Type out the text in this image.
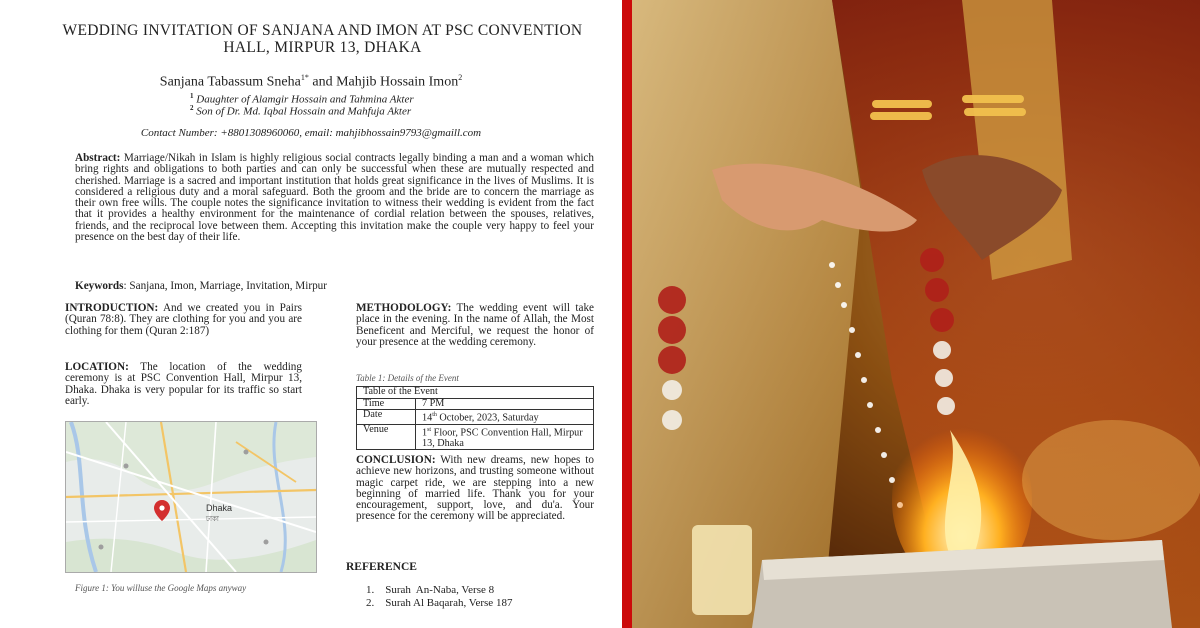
WEDDING INVITATION OF SANJANA AND IMON AT PSC CONVENTION HALL, MIRPUR 13, DHAKA
Sanjana Tabassum Sneha$^{1*}$ and Mahjib Hossain Imon$^2$
$^1$ Daughter of Alamgir Hossain and Tahmina Akter
$^2$ Son of Dr. Md. Iqbal Hossain and Mahfuja Akter
Contact Number: +8801308960060, email: mahjibhossain9793@gmaill.com
Abstract: Marriage/Nikah in Islam is highly religious social contracts legally binding a man and a woman which bring rights and obligations to both parties and can only be successful when these are mutually respected and cherished. Marriage is a sacred and important institution that holds great significance in the lives of Muslims. It is considered a religious duty and a moral safeguard. Both the groom and the bride are to concern the marriage as their own free wills. The couple notes the significance invitation to witness their wedding is evident from the fact that it provides a healthy environment for the maintenance of cordial relation between the spouses, relatives, friends, and the reciprocal love between them. Accepting this invitation make the couple very happy to feel your presence on the best day of their life.
Keywords: Sanjana, Imon, Marriage, Invitation, Mirpur
INTRODUCTION: And we created you in Pairs (Quran 78:8). They are clothing for you and you are clothing for them (Quran 2:187)
LOCATION: The location of the wedding ceremony is at PSC Convention Hall, Mirpur 13, Dhaka. Dhaka is very popular for its traffic so start early.
Dhaka
ঢাকা
Figure 1: You willuse the Google Maps anyway
METHODOLOGY: The wedding event will take place in the evening. In the name of Allah, the Most Beneficent and Merciful, we request the honor of your presence at the wedding ceremony.
Table 1: Details of the Event
Table of the Event	
Time	7 PM
Date	14th October, 2023, Saturday
Venue	1st Floor, PSC Convention Hall, Mirpur 13, Dhaka
CONCLUSION: With new dreams, new hopes to achieve new horizons, and trusting someone without magic carpet ride, we are stepping into a new beginning of married life. Thank you for your encouragement, support, love, and du'a. Your presence for the ceremony will be appreciated.
REFERENCE
1.    Surah  An-Naba, Verse 8
2.    Surah Al Baqarah, Verse 187
